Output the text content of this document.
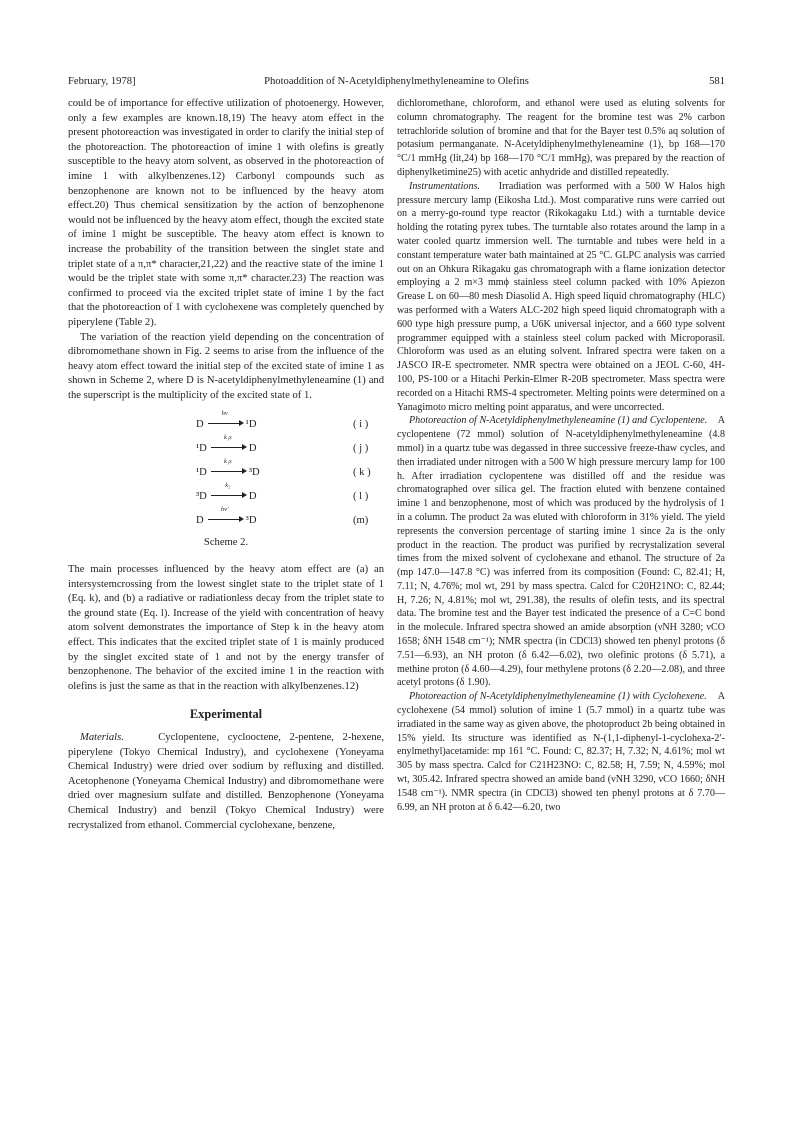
February, 1978]	Photoaddition of N-Acetyldiphenylmethyleneamine to Olefins	581

could be of importance for effective utilization of photoenergy. However, only a few examples are known.18,19) The heavy atom effect in the present photoreaction was investigated in order to clarify the initial step of the photoreaction. The photoreaction of imine 1 with olefins is greatly susceptible to the heavy atom solvent, as observed in the photoreaction of imine 1 with alkylbenzenes.12) Carbonyl compounds such as benzophenone are known not to be influenced by the heavy atom effect.20) Thus chemical sensitization by the action of benzophenone would not be influenced by the heavy atom effect, though the excited state of imine 1 might be susceptible. The heavy atom effect is known to increase the probability of the transition between the singlet state and triplet state of a π,π* character,21,22) and the reactive state of the imine 1 would be the triplet state with some π,π* character.23) The reaction was confirmed to proceed via the excited triplet state of imine 1 by the fact that the photoreaction of 1 with cyclohexene was completely quenched by piperylene (Table 2).

The variation of the reaction yield depending on the concentration of dibromomethane shown in Fig. 2 seems to arise from the influence of the heavy atom effect toward the initial step of the excited state of imine 1 as shown in Scheme 2, where D is N-acetyldiphenylmethyleneamine (1) and the superscript is the multiplicity of the excited state of 1.

D
hν
¹D	( i )
¹D
k₁s
D	( j )
¹D
k₁s
³D	( k )
³D
k₂
D	( l )
D
hν′
³D	(m)
Scheme 2.

The main processes influenced by the heavy atom effect are (a) an intersystemcrossing from the lowest singlet state to the triplet state of 1 (Eq. k), and (b) a radiative or radiationless decay from the triplet state to the ground state (Eq. l). Increase of the yield with concentration of heavy atom solvent demonstrates the importance of Step k in the heavy atom effect. This indicates that the excited triplet state of 1 is mainly produced by the singlet excited state of 1 and not by the energy transfer of benzophenone. The behavior of the excited imine 1 in the reaction with olefins is just the same as that in the reaction with alkylbenzenes.12)

Experimental

Materials.	Cyclopentene, cyclooctene, 2-pentene, 2-hexene, piperylene (Tokyo Chemical Industry), and cyclohexene (Yoneyama Chemical Industry) were dried over sodium by refluxing and distilled. Acetophenone (Yoneyama Chemical Industry) and dibromomethane were dried over magnesium sulfate and distilled. Benzophenone (Yoneyama Chemical Industry) and benzil (Tokyo Chemical Industry) were recrystalized from ethanol. Commercial cyclohexane, benzene,

dichloromethane, chloroform, and ethanol were used as eluting solvents for column chromatography. The reagent for the bromine test was 2% carbon tetrachloride solution of bromine and that for the Bayer test 0.5% aq solution of potasium permanganate. N-Acetyldiphenylmethyleneamine (1), bp 168—170 °C/1 mmHg (lit,24) bp 168—170 °C/1 mmHg), was prepared by the reaction of diphenylketimine25) with acetic anhydride and distilled repeatedly.

Instrumentations. Irradiation was performed with a 500 W Halos high pressure mercury lamp (Eikosha Ltd.). Most comparative runs were carried out on a merry-go-round type reactor (Rikokagaku Ltd.) with a turntable device holding the rotating pyrex tubes. The turntable also rotates around the lamp in a water cooled quartz immersion well. The turntable and tubes were held in a constant temperature water bath maintained at 25 °C. GLPC analysis was carried out on an Ohkura Rikagaku gas chromatograph with a flame ionization detector employing a 2 m×3 mmϕ stainless steel column packed with 10% Apiezon Grease L on 60—80 mesh Diasolid A. High speed liquid chromatography (HLC) was performed with a Waters ALC-202 high speed liquid chromatograph with a 600 type high pressure pump, a U6K universal injector, and a 660 type solvent programmer equipped with a stainless steel colum packed with Microporasil. Chloroform was used as an eluting solvent. Infrared spectra were taken on a JASCO IR-E spectrometer. NMR spectra were obtained on a JEOL C-60, 4H-100, PS-100 or a Hitachi Perkin-Elmer R-20B spectrometer. Mass spectra were recorded on a Hitachi RMS-4 spectrometer. Melting points were determined on a Yanagimoto micro melting point apparatus, and were uncorrected.

Photoreaction of N-Acetyldiphenylmethyleneamine (1) and Cyclopentene. A cyclopentene (72 mmol) solution of N-acetyldiphenylmethyleneamine (4.8 mmol) in a quartz tube was degassed in three successive freeze-thaw cycles, and then irradiated under nitrogen with a 500 W high pressure mercury lamp for 100 h. After irradiation cyclopentene was distilled off and the residue was chromatographed over silica gel. The fraction eluted with benzene contained imine 1 and benzophenone, most of which was produced by the hydrolysis of 1 in a column. The product 2a was eluted with chloroform in 31% yield. The yield represents the conversion percentage of starting imine 1 since 2a is the only product in the reaction. The product was purified by recrystalization several times from the mixed solvent of cyclohexane and ethanol. The structure of 2a (mp 147.0—147.8 °C) was inferred from its composition (Found: C, 82.41; H, 7.11; N, 4.76%; mol wt, 291 by mass spectra. Calcd for C20H21NO: C, 82.44; H, 7.26; N, 4.81%; mol wt, 291.38), the results of olefin tests, and its spectral data. The bromine test and the Bayer test indicated the presence of a C=C bond in the molecule. Infrared spectra showed an amide absorption (νNH 3280; νCO 1658; δNH 1548 cm⁻¹); NMR spectra (in CDCl3) showed ten phenyl protons (δ 7.51—6.93), an NH proton (δ 6.42—6.02), two olefinic protons (δ 5.71), a methine proton (δ 4.60—4.29), four methylene protons (δ 2.20—2.08), and three acetyl protons (δ 1.90).

Photoreaction of N-Acetyldiphenylmethyleneamine (1) with Cyclohexene. A cyclohexene (54 mmol) solution of imine 1 (5.7 mmol) in a quartz tube was irradiated in the same way as given above, the photoproduct 2b being obtained in 15% yield. Its structure was identified as N-(1,1-diphenyl-1-cyclohexa-2′-enylmethyl)acetamide: mp 161 °C. Found: C, 82.37; H, 7.32; N, 4.61%; mol wt 305 by mass spectra. Calcd for C21H23NO: C, 82.58; H, 7.59; N, 4.59%; mol wt, 305.42. Infrared spectra showed an amide band (νNH 3290, νCO 1660; δNH 1548 cm⁻¹). NMR spectra (in CDCl3) showed ten phenyl protons at δ 7.70—6.99, an NH proton at δ 6.42—6.20, two
